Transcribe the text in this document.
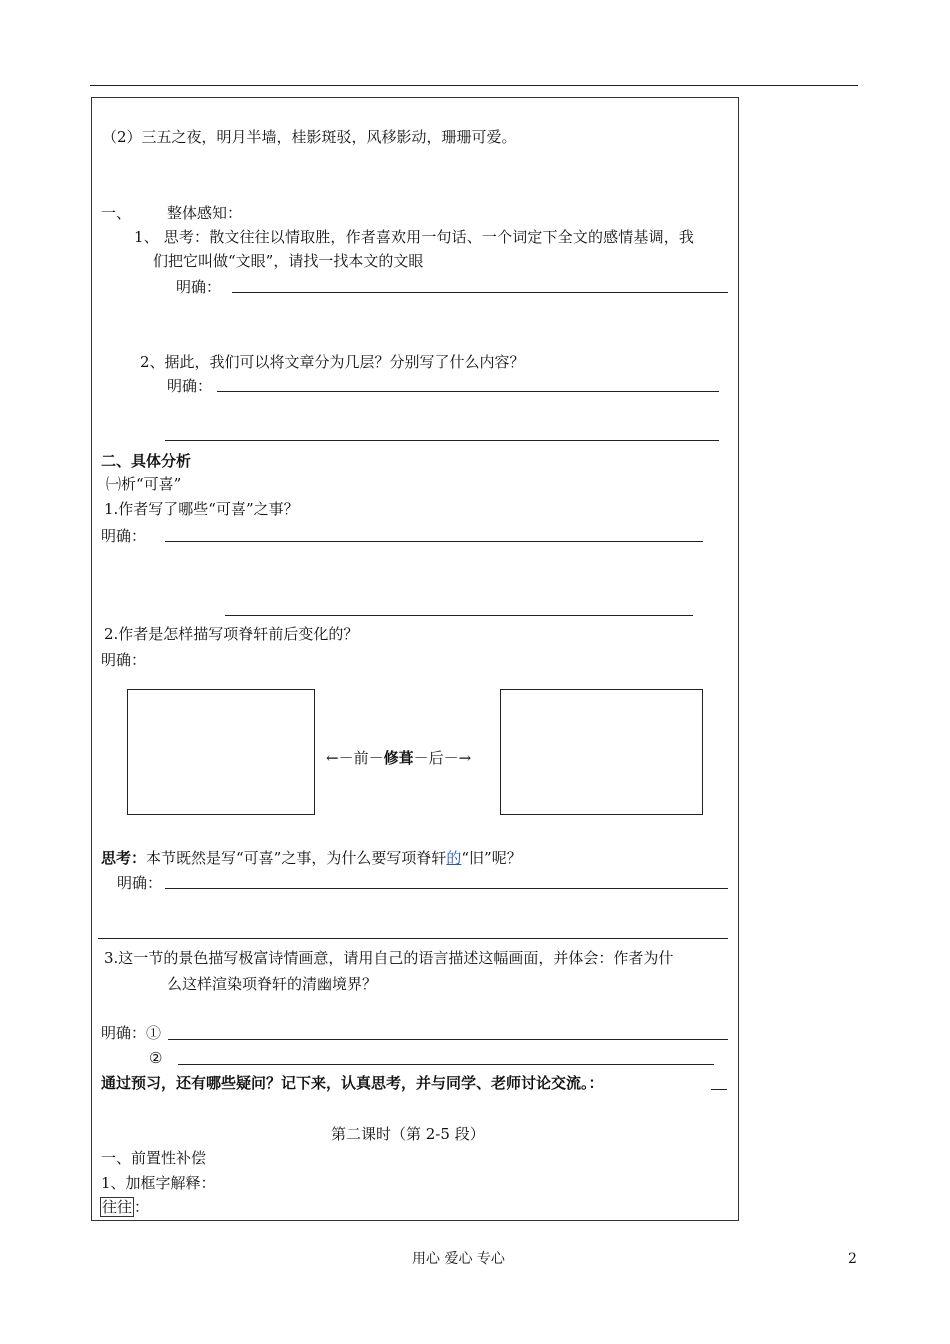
（2）三五之夜，明月半墙，桂影斑驳，风移影动，珊珊可爱。
一、 整体感知：
1、 思考：散文往往以情取胜，作者喜欢用一句话、一个词定下全文的感情基调，我
们把它叫做“文眼”，请找一找本文的文眼
明确：
2、据此，我们可以将文章分为几层？分别写了什么内容？
明确：
二、具体分析
㈠析“可喜”
1.作者写了哪些“可喜”之事？
明确：
2.作者是怎样描写项脊轩前后变化的？
明确：
←－前－修葺－后－→
思考：本节既然是写“可喜”之事，为什么要写项脊轩的“旧”呢？
明确：
3.这一节的景色描写极富诗情画意，请用自己的语言描述这幅画面，并体会：作者为什
么这样渲染项脊轩的清幽境界？
明确：①
②
通过预习，还有哪些疑问？记下来，认真思考，并与同学、老师讨论交流。：
第二课时（第 2-5 段）
一、前置性补偿
1、加框字解释：
往往 ：
用心 爱心 专心	2
